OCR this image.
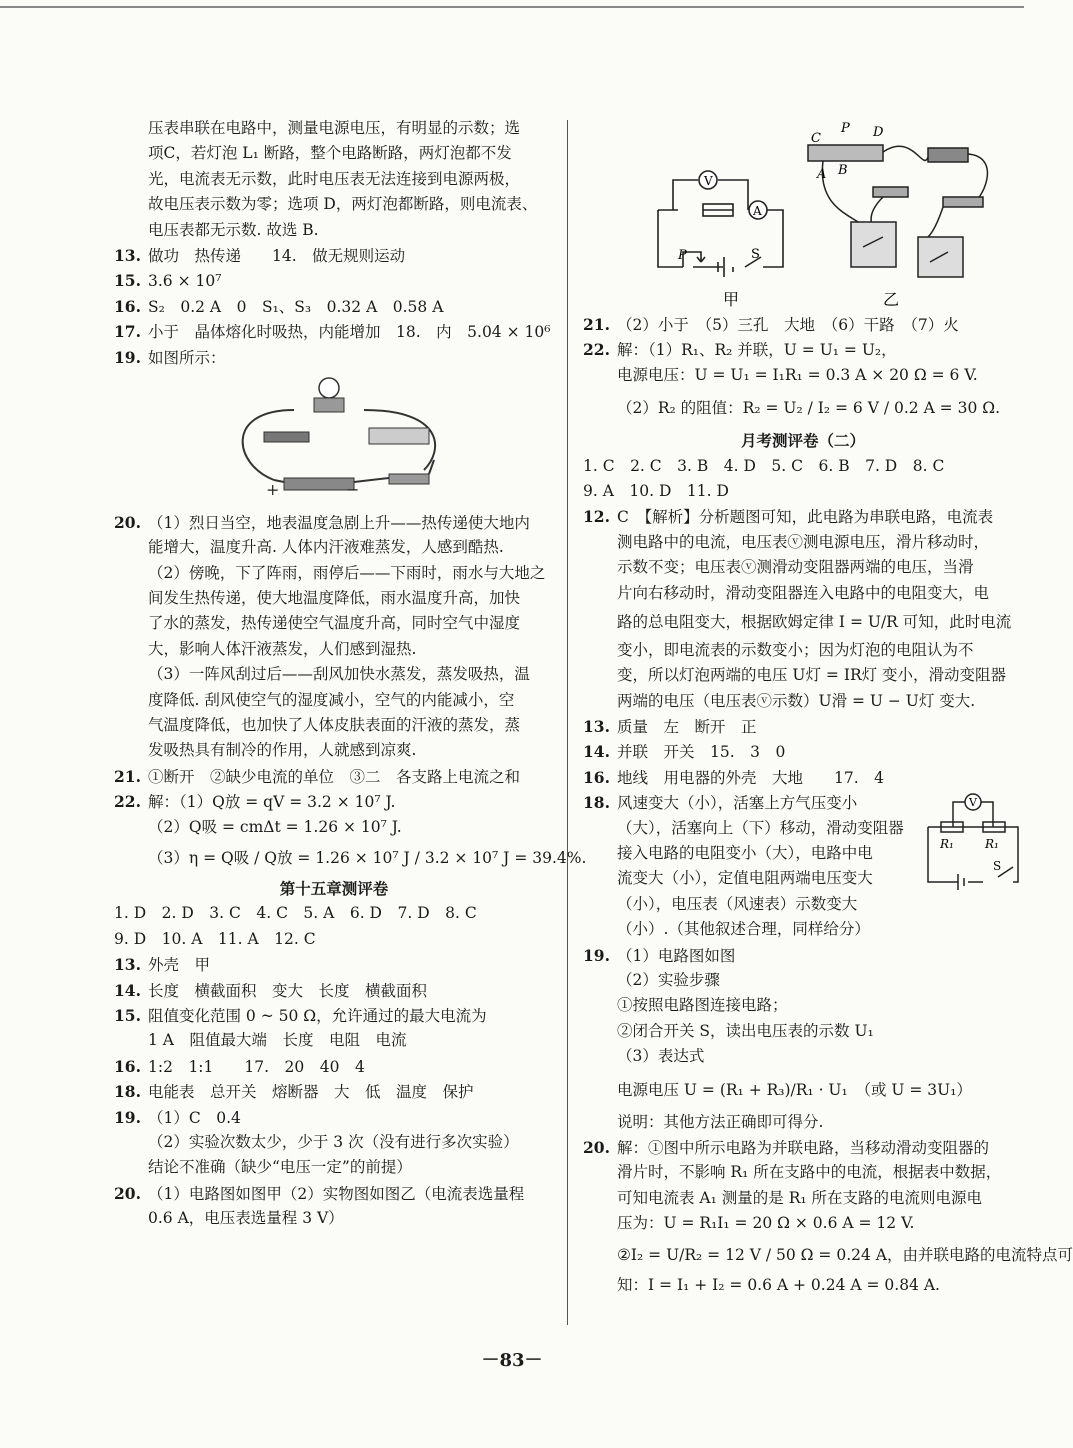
压表串联在电路中，测量电源电压，有明显的示数；选
项C，若灯泡 L₁ 断路，整个电路断路，两灯泡都不发
光，电流表无示数，此时电压表无法连接到电源两极，
故电压表示数为零；选项 D，两灯泡都断路，则电流表、
电压表都无示数. 故选 B.
13. 做功　热传递　　14.　做无规则运动
15. 3.6 × 10⁷
16. S₂　0.2 A　0　S₁、S₃　0.32 A　0.58 A
17. 小于　晶体熔化时吸热，内能增加　18.　内　5.04 × 10⁶
19. 如图所示：
+	−
20. （1）烈日当空，地表温度急剧上升——热传递使大地内
能增大，温度升高. 人体内汗液难蒸发，人感到酷热.
（2）傍晚，下了阵雨，雨停后——下雨时，雨水与大地之
间发生热传递，使大地温度降低，雨水温度升高，加快
了水的蒸发，热传递使空气温度升高，同时空气中湿度
大，影响人体汗液蒸发，人们感到湿热.
（3）一阵风刮过后——刮风加快水蒸发，蒸发吸热，温
度降低. 刮风使空气的湿度减小，空气的内能减小，空
气温度降低，也加快了人体皮肤表面的汗液的蒸发，蒸
发吸热具有制冷的作用，人就感到凉爽.
21. ①断开　②缺少电流的单位　③二　各支路上电流之和
22. 解：（1）Q放 = qV = 3.2 × 10⁷ J.
（2）Q吸 = cmΔt = 1.26 × 10⁷ J.
（3）η = Q吸 / Q放 = 1.26 × 10⁷ J / 3.2 × 10⁷ J = 39.4%.
第十五章测评卷
1. D　2. D　3. C　4. C　5. A　6. D　7. D　8. C
9. D　10. A　11. A　12. C
13. 外壳　甲
14. 长度　横截面积　变大　长度　横截面积
15. 阻值变化范围 0 ~ 50 Ω，允许通过的最大电流为
1 A　阻值最大端　长度　电阻　电流
16. 1:2　1:1　　17.　20　40　4
18. 电能表　总开关　熔断器　大　低　温度　保护
19. （1）C　0.4
（2）实验次数太少，少于 3 次（没有进行多次实验）
结论不准确（缺少“电压一定”的前提）
20. （1）电路图如图甲（2）实物图如图乙（电流表选量程
0.6 A，电压表选量程 3 V）
V
A
P	S
甲
C
P D
A B
乙
21. （2）小于　（5）三孔　大地　（6）干路　（7）火
22. 解：（1）R₁、R₂ 并联，U = U₁ = U₂，
电源电压：U = U₁ = I₁R₁ = 0.3 A × 20 Ω = 6 V.
（2）R₂ 的阻值：R₂ = U₂ / I₂ = 6 V / 0.2 A = 30 Ω.
月考测评卷（二）
1. C　2. C　3. B　4. D　5. C　6. B　7. D　8. C
9. A　10. D　11. D
12. C　【解析】分析题图可知，此电路为串联电路，电流表
测电路中的电流，电压表ⓥ测电源电压，滑片移动时，
示数不变；电压表ⓥ测滑动变阻器两端的电压，当滑
片向右移动时，滑动变阻器连入电路中的电阻变大，电
路的总电阻变大，根据欧姆定律 I = U/R 可知，此时电流
变小，即电流表的示数变小；因为灯泡的电阻认为不
变，所以灯泡两端的电压 U灯 = IR灯 变小，滑动变阻器
两端的电压（电压表ⓥ示数）U滑 = U − U灯 变大.
13. 质量　左　断开　正
14. 并联　开关　15.　3　0
16. 地线　用电器的外壳　大地　　17.　4
18. 风速变大（小），活塞上方气压变小
（大），活塞向上（下）移动，滑动变阻器
接入电路的电阻变小（大），电路中电
流变大（小），定值电阻两端电压变大
（小），电压表（风速表）示数变大
（小）.（其他叙述合理，同样给分）
V
R₁	R₁
S
19. （1）电路图如图
（2）实验步骤
①按照电路图连接电路；
②闭合开关 S，读出电压表的示数 U₁
（3）表达式
电源电压 U = (R₁ + R₃)/R₁ · U₁　（或 U = 3U₁）
说明：其他方法正确即可得分.
20. 解：①图中所示电路为并联电路，当移动滑动变阻器的
滑片时，不影响 R₁ 所在支路中的电流，根据表中数据，
可知电流表 A₁ 测量的是 R₁ 所在支路的电流则电源电
压为：U = R₁I₁ = 20 Ω × 0.6 A = 12 V.
②I₂ = U/R₂ = 12 V / 50 Ω = 0.24 A，由并联电路的电流特点可
知：I = I₁ + I₂ = 0.6 A + 0.24 A = 0.84 A.
－83－
